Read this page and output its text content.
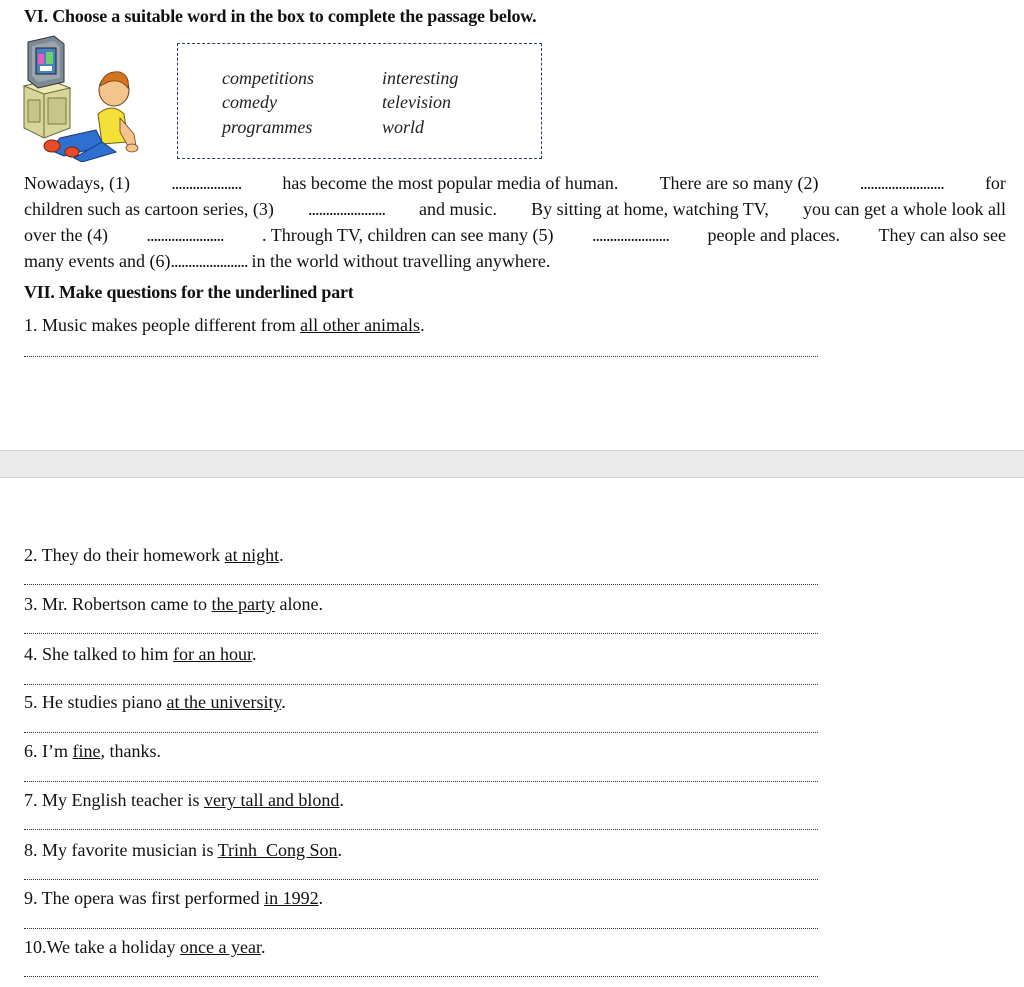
VI. Choose a suitable word in the box to complete the passage below.
competitions
comedy
programmes
interesting
television
world
Nowadays, (1) .................... has become the most popular media of human. There are so many (2) ........................ for
children such as cartoon series, (3) ...................... and music. By sitting at home, watching TV, you can get a whole look all
over the (4) ...................... . Through TV, children can see many (5) ...................... people and places. They can also see
many events and (6) ...................... in the world without travelling anywhere.
VII. Make questions for the underlined part
1. Music makes people different from all other animals.
2. They do their homework at night.
3. Mr. Robertson came to the party alone.
4. She talked to him for an hour.
5. He studies piano at the university.
6. I’m fine, thanks.
7. My English teacher is very tall and blond.
8. My favorite musician is Trinh  Cong Son.
9. The opera was first performed in 1992.
10.We take a holiday once a year.
